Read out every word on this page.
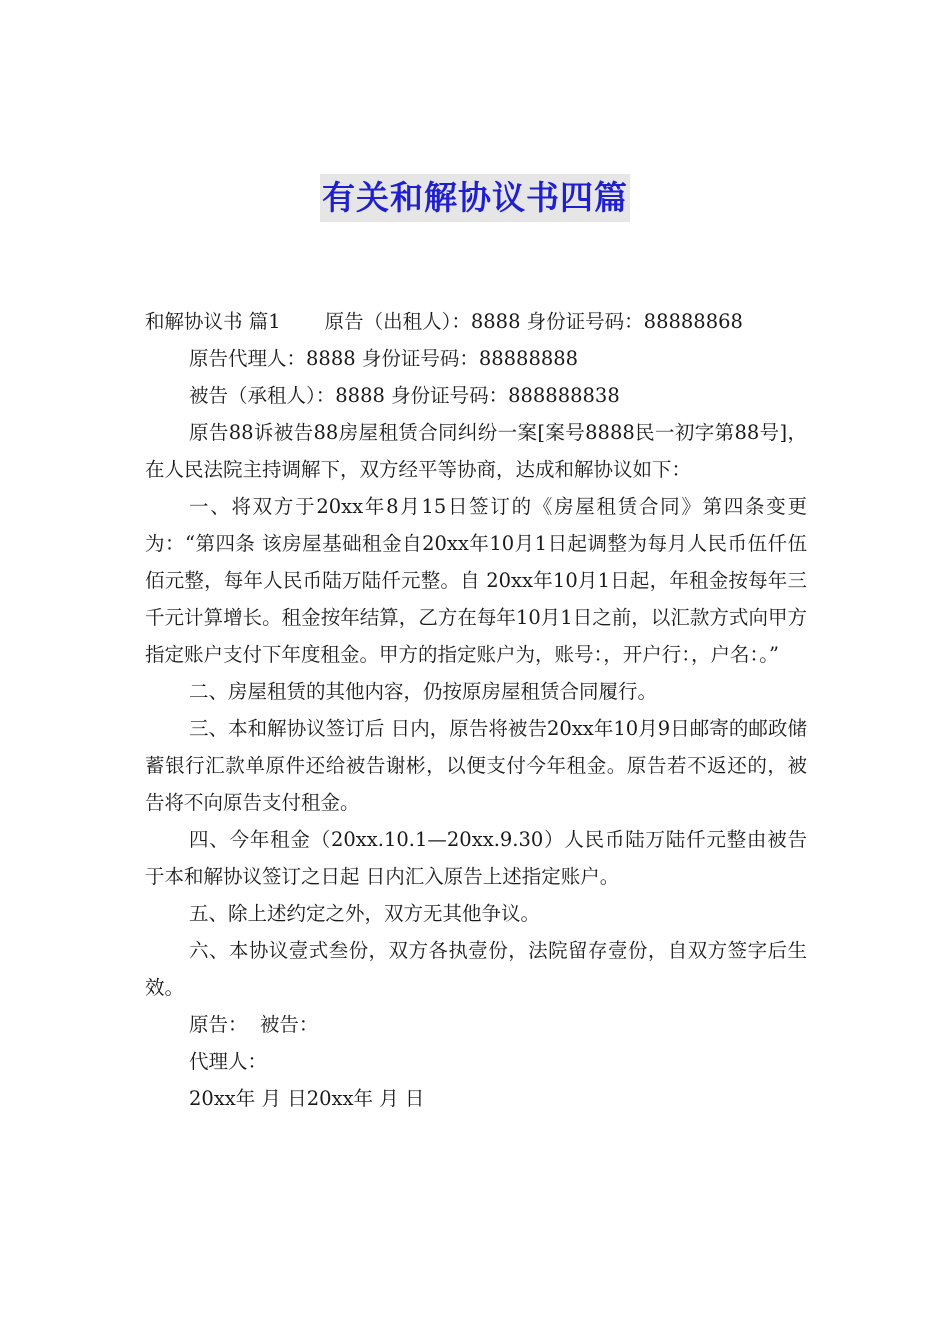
有关和解协议书四篇

和解协议书 篇1 原告（出租人）：8888 身份证号码：88888868

原告代理人：8888 身份证号码：88888888

被告（承租人）：8888 身份证号码：888888838

原告88诉被告88房屋租赁合同纠纷一案[案号8888民一初字第88号]，在人民法院主持调解下，双方经平等协商，达成和解协议如下：

一、将双方于20xx年8月15日签订的《房屋租赁合同》第四条变更为：“第四条 该房屋基础租金自20xx年10月1日起调整为每月人民币伍仟伍佰元整，每年人民币陆万陆仟元整。自 20xx年10月1日起，年租金按每年三千元计算增长。租金按年结算，乙方在每年10月1日之前，以汇款方式向甲方指定账户支付下年度租金。甲方的指定账户为，账号：，开户行：，户名：。”

二、房屋租赁的其他内容，仍按原房屋租赁合同履行。

三、本和解协议签订后 日内，原告将被告20xx年10月9日邮寄的邮政储蓄银行汇款单原件还给被告谢彬，以便支付今年租金。原告若不返还的，被告将不向原告支付租金。

四、今年租金（20xx.10.1—20xx.9.30）人民币陆万陆仟元整由被告于本和解协议签订之日起 日内汇入原告上述指定账户。

五、除上述约定之外，双方无其他争议。

六、本协议壹式叁份，双方各执壹份，法院留存壹份，自双方签字后生效。

原告：  被告：

代理人：

20xx年 月 日20xx年 月 日
